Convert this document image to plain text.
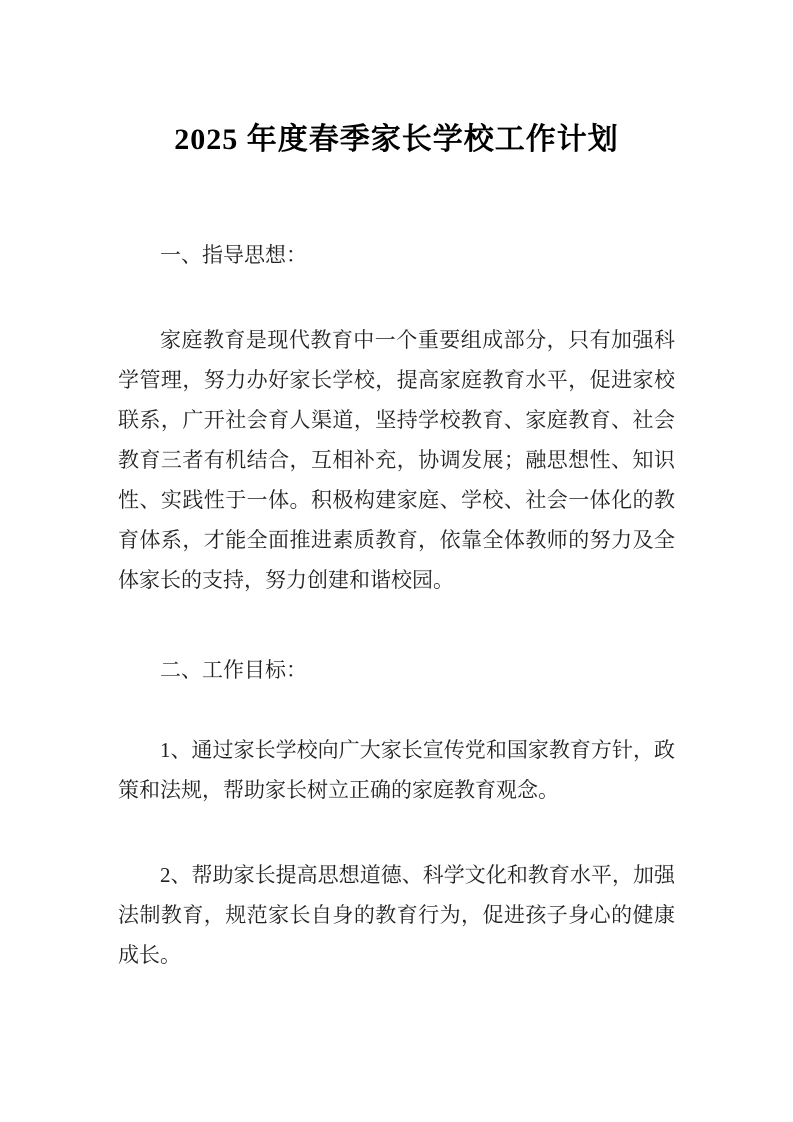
2025 年度春季家长学校工作计划
一、指导思想：

家庭教育是现代教育中一个重要组成部分，只有加强科学管理，努力办好家长学校，提高家庭教育水平，促进家校联系，广开社会育人渠道，坚持学校教育、家庭教育、社会教育三者有机结合，互相补充，协调发展；融思想性、知识性、实践性于一体。积极构建家庭、学校、社会一体化的教育体系，才能全面推进素质教育，依靠全体教师的努力及全体家长的支持，努力创建和谐校园。

二、工作目标：

1、通过家长学校向广大家长宣传党和国家教育方针，政策和法规，帮助家长树立正确的家庭教育观念。

2、帮助家长提高思想道德、科学文化和教育水平，加强法制教育，规范家长自身的教育行为，促进孩子身心的健康成长。
